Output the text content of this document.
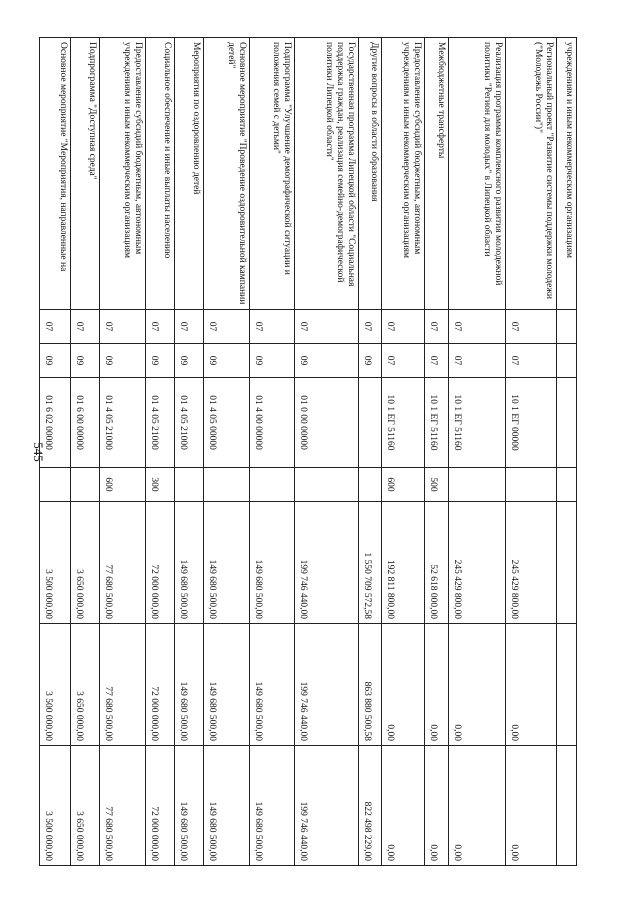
545
учреждениям и иным некоммерческим организациям							
Региональный проект "Развитие системы поддержки молодежи ("Молодежь России")"	07	07	10 1 ЕГ 00000		245 429 800,00	0,00	0,00
Реализация программы комплексного развития молодежной политики "Регион для молодых" в Липецкой области	07	07	10 1 ЕГ 51160		245 429 800,00	0,00	0,00
Межбюджетные трансферты	07	07	10 1 ЕГ 51160	500	52 618 000,00	0,00	0,00
Предоставление субсидий бюджетным, автономным учреждениям и иным некоммерческим организациям	07	07	10 1 ЕГ 51160	600	192 811 800,00	0,00	0,00
Другие вопросы в области образования	07	09			1 550 709 572,58	863 880 500,58	822 498 229,00
Государственная программа Липецкой области "Социальная поддержка граждан, реализация семейно-демографической политики Липецкой области"	07	09	01 0 00 00000		199 746 440,00	199 746 440,00	199 746 440,00
Подпрограмма "Улучшение демографической ситуации и положения семей с детьми"	07	09	01 4 00 00000		149 680 500,00	149 680 500,00	149 680 500,00
Основное мероприятие "Проведение оздоровительной кампании детей"	07	09	01 4 05 00000		149 680 500,00	149 680 500,00	149 680 500,00
Мероприятия по оздоровлению детей	07	09	01 4 05 21000		149 680 500,00	149 680 500,00	149 680 500,00
Социальное обеспечение и иные выплаты населению	07	09	01 4 05 21000	300	72 000 000,00	72 000 000,00	72 000 000,00
Предоставление субсидий бюджетным, автономным учреждениям и иным некоммерческим организациям	07	09	01 4 05 21000	600	77 680 500,00	77 680 500,00	77 680 500,00
Подпрограмма "Доступная среда"	07	09	01 6 00 00000		3 650 000,00	3 650 000,00	3 650 000,00
Основное мероприятие "Мероприятия, направленные на	07	09	01 6 02 00000		3 500 000,00	3 500 000,00	3 500 000,00
